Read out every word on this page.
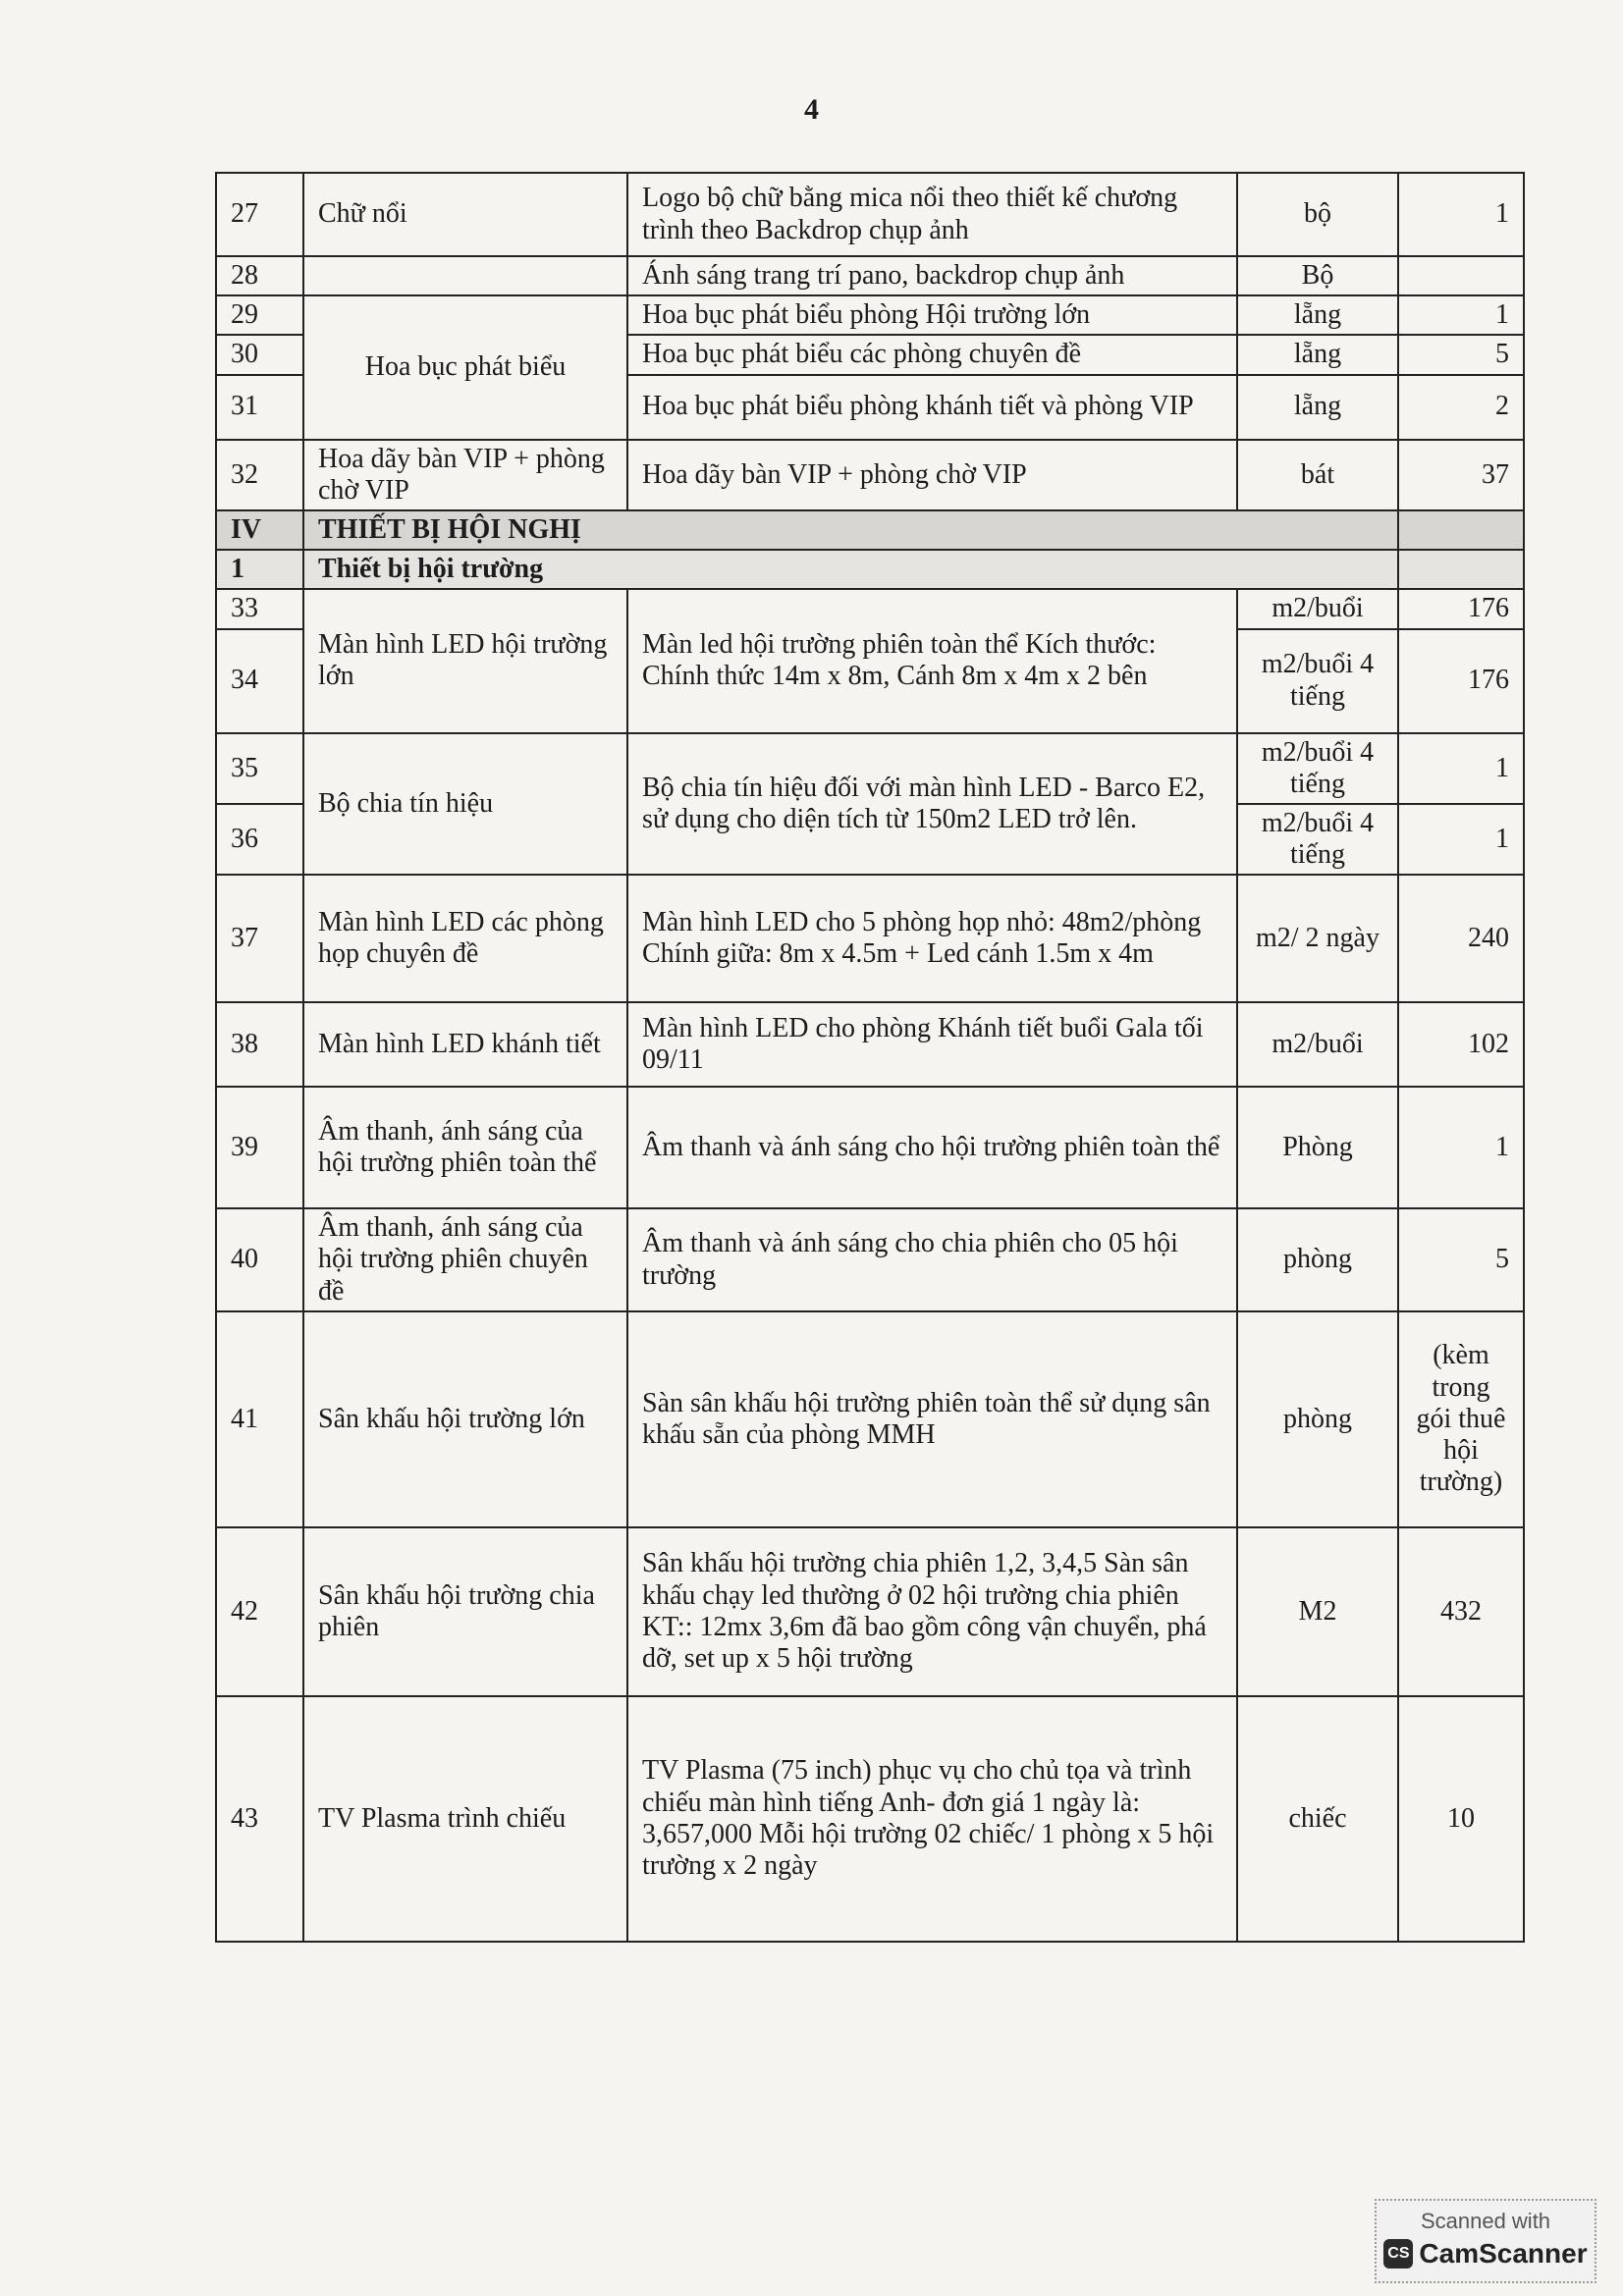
4
27	Chữ nổi	Logo bộ chữ bằng mica nổi theo thiết kế chương trình theo Backdrop chụp ảnh	bộ	1
28		Ánh sáng trang trí pano, backdrop chụp ảnh	Bộ	
29	Hoa bục phát biểu	Hoa bục phát biểu phòng Hội trường lớn	lẵng	1
30		Hoa bục phát biểu các phòng chuyên đề	lẵng	5
31		Hoa bục phát biểu phòng khánh tiết và phòng VIP	lẵng	2
32	Hoa dãy bàn VIP + phòng chờ VIP	Hoa dãy bàn VIP + phòng chờ VIP	bát	37
IV	THIẾT BỊ HỘI NGHỊ			
1	Thiết bị hội trường			
33	Màn hình LED hội trường lớn	Màn led hội trường phiên toàn thể Kích thước: Chính thức 14m x 8m, Cánh 8m x 4m x 2 bên	m2/buổi	176
34			m2/buổi 4 tiếng	176
35	Bộ chia tín hiệu	Bộ chia tín hiệu đối với màn hình LED - Barco E2, sử dụng cho diện tích từ 150m2 LED trở lên.	m2/buổi 4 tiếng	1
36			m2/buổi 4 tiếng	1
37	Màn hình LED các phòng họp chuyên đề	Màn hình LED cho 5 phòng họp nhỏ: 48m2/phòng Chính giữa: 8m x 4.5m + Led cánh 1.5m x 4m	m2/ 2 ngày	240
38	Màn hình LED khánh tiết	Màn hình LED cho phòng Khánh tiết buổi Gala tối 09/11	m2/buổi	102
39	Âm thanh, ánh sáng của hội trường phiên toàn thể	Âm thanh và ánh sáng cho hội trường phiên toàn thể	Phòng	1
40	Âm thanh, ánh sáng của hội trường phiên chuyên đề	Âm thanh và ánh sáng cho chia phiên cho 05 hội trường	phòng	5
41	Sân khấu hội trường lớn	Sàn sân khấu hội trường phiên toàn thể sử dụng sân khấu sẵn của phòng MMH	phòng	(kèm trong gói thuê hội trường)
42	Sân khấu hội trường chia phiên	Sân khấu hội trường chia phiên 1,2, 3,4,5 Sàn sân khấu chạy led thường ở 02 hội trường chia phiên KT:: 12mx 3,6m đã bao gồm công vận chuyển, phá dỡ, set up x 5 hội trường	M2	432
43	TV Plasma trình chiếu	TV Plasma (75 inch) phục vụ cho chủ tọa và trình chiếu màn hình tiếng Anh- đơn giá 1 ngày là: 3,657,000 Mỗi hội trường 02 chiếc/ 1 phòng x 5 hội trường x 2 ngày	chiếc	10
Scanned with
CS CamScanner
